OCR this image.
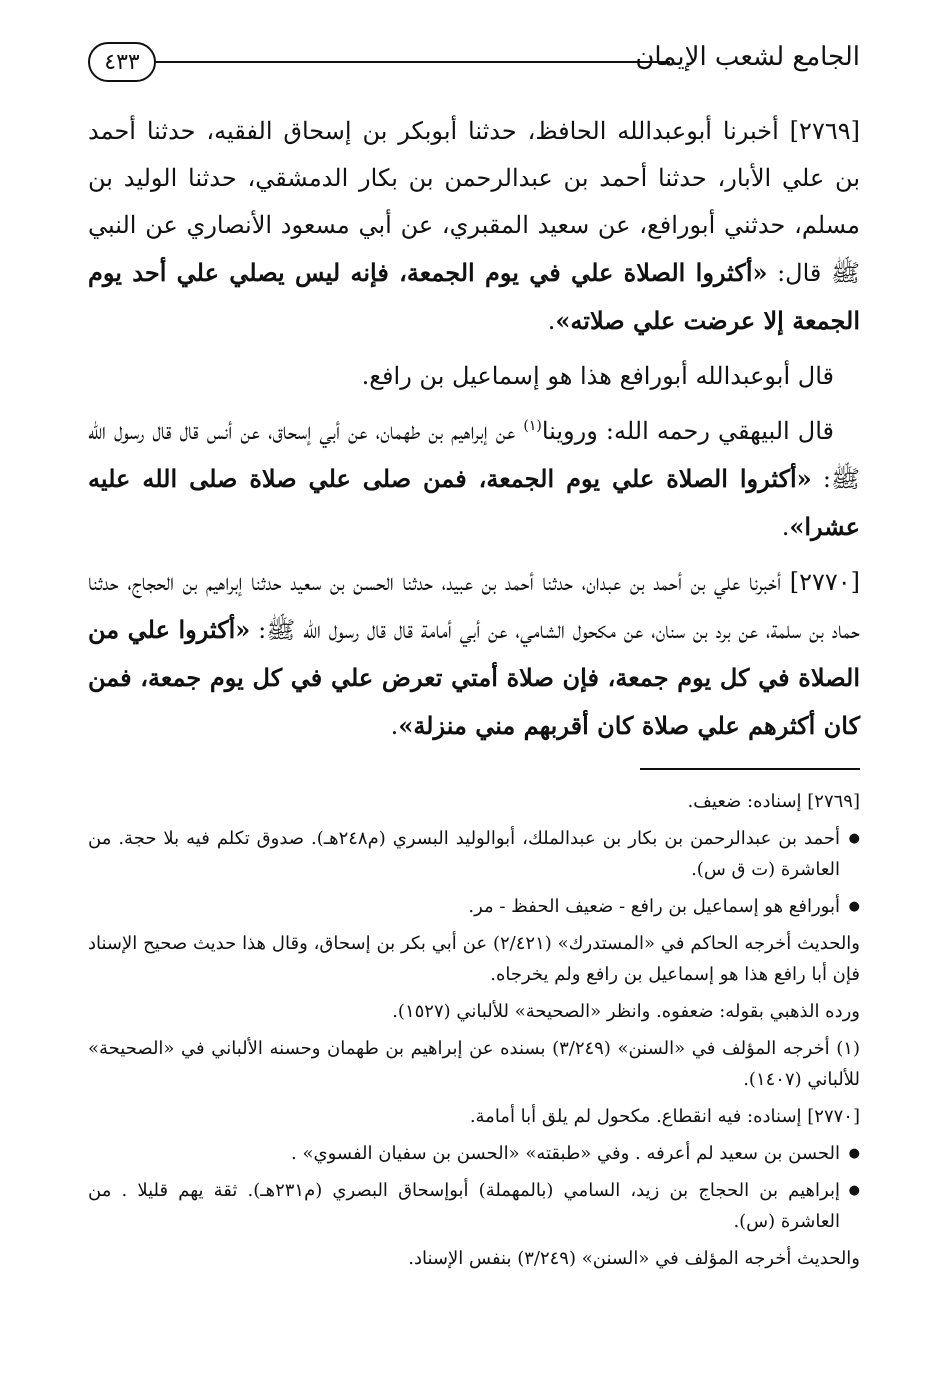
٤٣٣	الجامع لشعب الإيمان

[٢٧٦٩] أخبرنا أبوعبدالله الحافظ، حدثنا أبوبكر بن إسحاق الفقيه، حدثنا أحمد بن علي الأبار، حدثنا أحمد بن عبدالرحمن بن بكار الدمشقي، حدثنا الوليد بن مسلم، حدثني أبورافع، عن سعيد المقبري، عن أبي مسعود الأنصاري عن النبي ﷺ قال: «أكثروا الصلاة علي في يوم الجمعة، فإنه ليس يصلي علي أحد يوم الجمعة إلا عرضت علي صلاته».

قال أبوعبدالله أبورافع هذا هو إسماعيل بن رافع.

قال البيهقي رحمه الله: وروينا$^{(١)}$ عن إبراهيم بن طهمان، عن أبي إسحاق، عن أنس قال قال رسول الله ﷺ: «أكثروا الصلاة علي يوم الجمعة، فمن صلى علي صلاة صلى الله عليه عشرا».

[٢٧٧٠] أخبرنا علي بن أحمد بن عبدان، حدثنا أحمد بن عبيد، حدثنا الحسن بن سعيد حدثنا إبراهيم بن الحجاج، حدثنا حماد بن سلمة، عن برد بن سنان، عن مكحول الشامي، عن أبي أمامة قال قال رسول الله ﷺ: «أكثروا علي من الصلاة في كل يوم جمعة، فإن صلاة أمتي تعرض علي في كل يوم جمعة، فمن كان أكثرهم علي صلاة كان أقربهم مني منزلة».

[٢٧٦٩] إسناده: ضعيف.

● أحمد بن عبدالرحمن بن بكار بن عبدالملك، أبوالوليد البسري (م٢٤٨هـ). صدوق تكلم فيه بلا حجة. من العاشرة (ت ق س).

● أبورافع هو إسماعيل بن رافع - ضعيف الحفظ - مر.

والحديث أخرجه الحاكم في «المستدرك» (٢/٤٢١) عن أبي بكر بن إسحاق، وقال هذا حديث صحيح الإسناد فإن أبا رافع هذا هو إسماعيل بن رافع ولم يخرجاه.

ورده الذهبي بقوله: ضعفوه. وانظر «الصحيحة» للألباني (١٥٢٧).

(١) أخرجه المؤلف في «السنن» (٣/٢٤٩) بسنده عن إبراهيم بن طهمان وحسنه الألباني في «الصحيحة» للألباني (١٤٠٧).

[٢٧٧٠] إسناده: فيه انقطاع. مكحول لم يلق أبا أمامة.

● الحسن بن سعيد لم أعرفه . وفي «طبقته» «الحسن بن سفيان الفسوي» .

● إبراهيم بن الحجاج بن زيد، السامي (بالمهملة) أبوإسحاق البصري (م٢٣١هـ). ثقة يهم قليلا . من العاشرة (س).

والحديث أخرجه المؤلف في «السنن» (٣/٢٤٩) بنفس الإسناد.
